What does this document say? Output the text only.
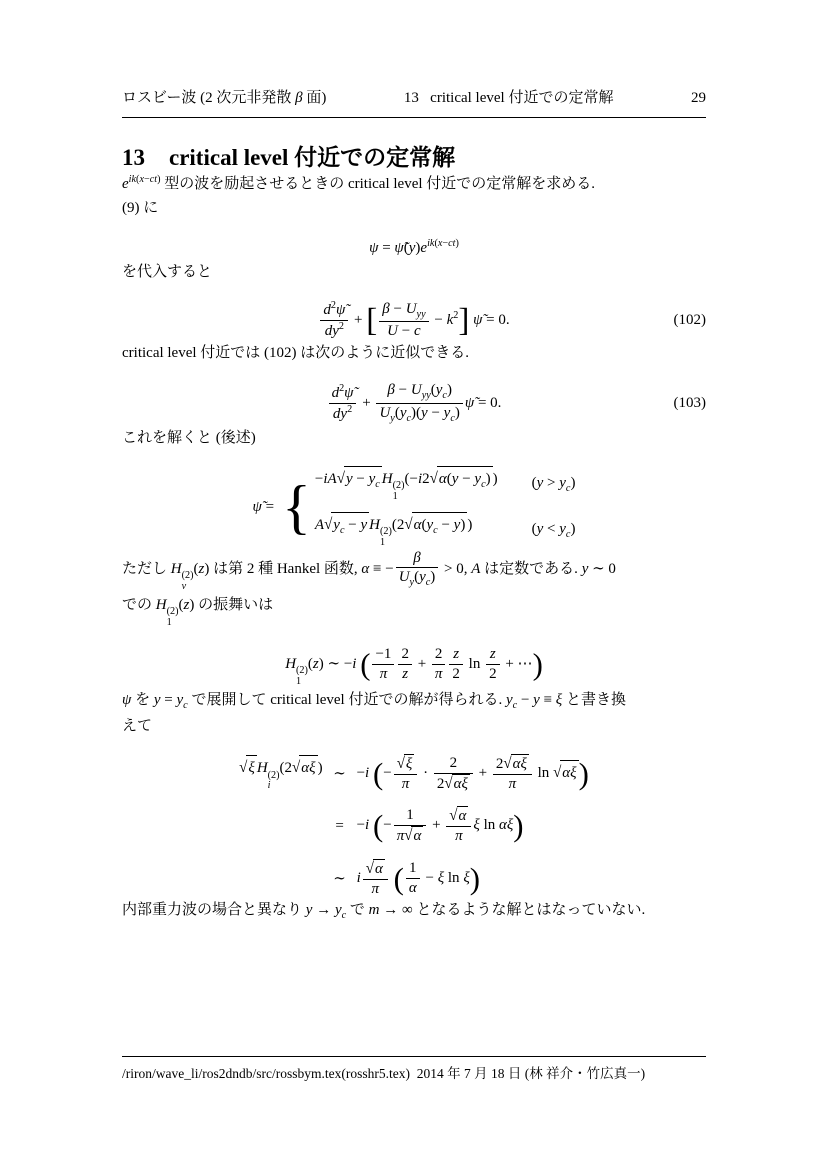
ロスビー波 (2 次元非発散 β 面)	13   critical level 付近での定常解	29
13 critical level 付近での定常解

$e^{ik(x-ct)}$ 型の波を励起させるときの critical level 付近での定常解を求める.

(9) に

$\psi = \psĩ(y)e^{ik(x-ct)}$

を代入すると

$\frac{d^2\psĩ}{dy^2}$ + [ $\frac{\beta - U_{yy}}{U - c} - k^2$] ψ̃ = 0.	(102)

critical level 付近では (102) は次のように近似できる.

$\frac{d^2\psĩ}{dy^2} + \frac{\beta - U_{yy}(y_c)}{U_y(y_c)(y - y_c)}$ ψ̃ = 0.	(103)

これを解くと (後述)

ψ̃ = { $-iA√y - y_c$ H (2)
1
($-i2√\alpha(y - y_c)$ ) $(y > y_c)$
$A√y_c - y$ H (2)
1
($2√\alpha(y_c - y)$ )	$(y < y_c)$

ただし H (2)
ν
(z) は第 2 種 Hankel 函数, α ≡ − $\frac{\beta}{U_y(y_c)} > 0$, A は定数である. y ∼ 0
での H (2)
1
(z) の振舞いは

H (2)
1
(z) ∼ −i ( $\frac{-1}{\pi} \frac{2}{z} + \frac{2}{\pi} \frac{z}{2}$ $\ln \frac{z}{2}$ + ⋯)

ψ を $y = y_c$ で展開して critical level 付近での解が得られる. $y_c - y \equiv \xi$ と書き換
えて

√ξ H (2)
i
(2√αξ ) ∼ −i (− $\frac{√\xi}{\pi} \cdot \frac{2}{2√\alpha\xi} + \frac{2√\alpha\xi}{\pi}$ ln √αξ)
= −i (− $\frac{1}{\pi√\alpha} + \frac{√\alpha}{\pi}$ ξ ln αξ)
∼ i $\frac{√\alpha}{\pi}$ ( $\frac{1}{\alpha} - \xi$ ln ξ)

内部重力波の場合と異なり $y \to y_c$ で m → ∞ となるような解とはなっていない.

/riron/wave_li/ros2dndb/src/rossbym.tex(rosshr5.tex)  2014 年 7 月 18 日 (林 祥介・竹広真一)
